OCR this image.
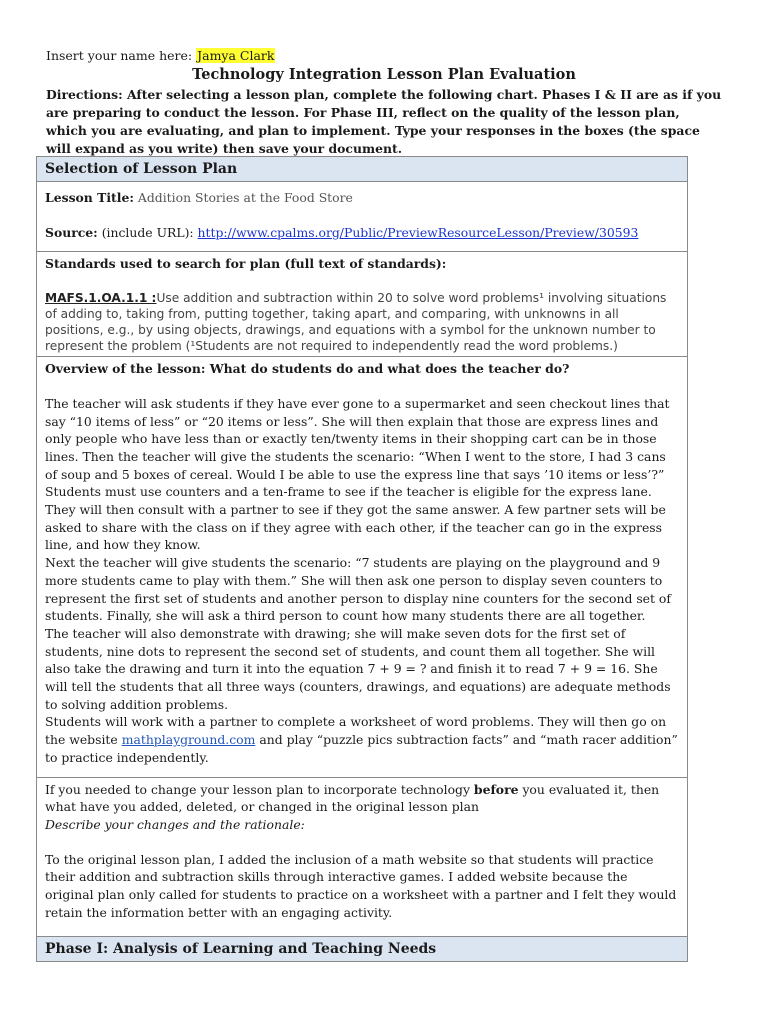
Insert your name here: Jamya Clark
Technology Integration Lesson Plan Evaluation
Directions: After selecting a lesson plan, complete the following chart. Phases I & II are as if you are preparing to conduct the lesson. For Phase III, reflect on the quality of the lesson plan, which you are evaluating, and plan to implement. Type your responses in the boxes (the space will expand as you write) then save your document.
Selection of Lesson Plan

Lesson Title: Addition Stories at the Food Store

Source: (include URL): http://www.cpalms.org/Public/PreviewResourceLesson/Preview/30593

Standards used to search for plan (full text of standards):

MAFS.1.OA.1.1 :Use addition and subtraction within 20 to solve word problems¹ involving situations of adding to, taking from, putting together, taking apart, and comparing, with unknowns in all positions, e.g., by using objects, drawings, and equations with a symbol for the unknown number to represent the problem (¹Students are not required to independently read the word problems.)

Overview of the lesson: What do students do and what does the teacher do?

The teacher will ask students if they have ever gone to a supermarket and seen checkout lines that say “10 items of less” or “20 items or less”. She will then explain that those are express lines and only people who have less than or exactly ten/twenty items in their shopping cart can be in those lines. Then the teacher will give the students the scenario: “When I went to the store, I had 3 cans of soup and 5 boxes of cereal. Would I be able to use the express line that says ’10 items or less’?” Students must use counters and a ten-frame to see if the teacher is eligible for the express lane. They will then consult with a partner to see if they got the same answer. A few partner sets will be asked to share with the class on if they agree with each other, if the teacher can go in the express line, and how they know.

Next the teacher will give students the scenario: “7 students are playing on the playground and 9 more students came to play with them.” She will then ask one person to display seven counters to represent the first set of students and another person to display nine counters for the second set of students. Finally, she will ask a third person to count how many students there are all together.

The teacher will also demonstrate with drawing; she will make seven dots for the first set of students, nine dots to represent the second set of students, and count them all together. She will also take the drawing and turn it into the equation 7 + 9 = ? and finish it to read 7 + 9 = 16. She will tell the students that all three ways (counters, drawings, and equations) are adequate methods to solving addition problems.

Students will work with a partner to complete a worksheet of word problems. They will then go on the website mathplayground.com and play “puzzle pics subtraction facts” and “math racer addition” to practice independently.

If you needed to change your lesson plan to incorporate technology before you evaluated it, then what have you added, deleted, or changed in the original lesson plan

Describe your changes and the rationale:

To the original lesson plan, I added the inclusion of a math website so that students will practice their addition and subtraction skills through interactive games. I added website because the original plan only called for students to practice on a worksheet with a partner and I felt they would retain the information better with an engaging activity.

Phase I: Analysis of Learning and Teaching Needs
